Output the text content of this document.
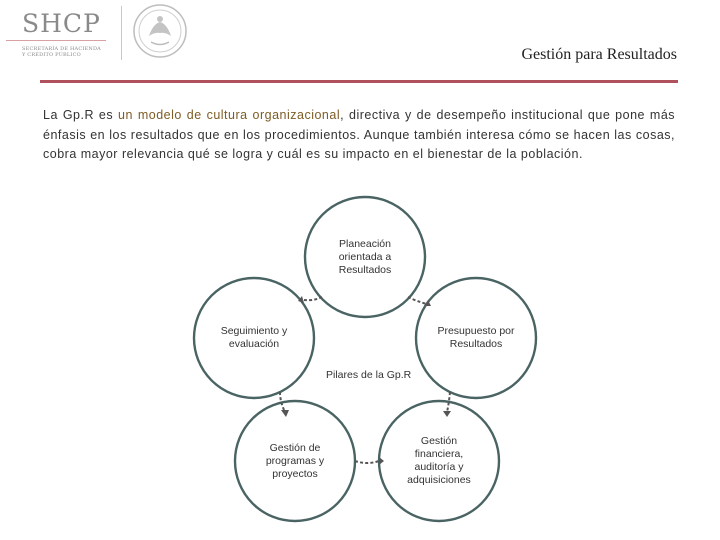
SHCP
SECRETARÍA DE HACIENDA
Y CRÉDITO PÚBLICO	Gestión para Resultados
La Gp.R es un modelo de cultura organizacional, directiva y de desempeño institucional que pone más énfasis en los resultados que en los procedimientos. Aunque también interesa cómo se hacen las cosas, cobra mayor relevancia qué se logra y cuál es su impacto en el bienestar de la población.
Planeación orientada a Resultados
Presupuesto por Resultados
Gestión financiera, auditoría y adquisiciones
Gestión de programas y proyectos
Seguimiento y evaluación
Pilares de la Gp.R
